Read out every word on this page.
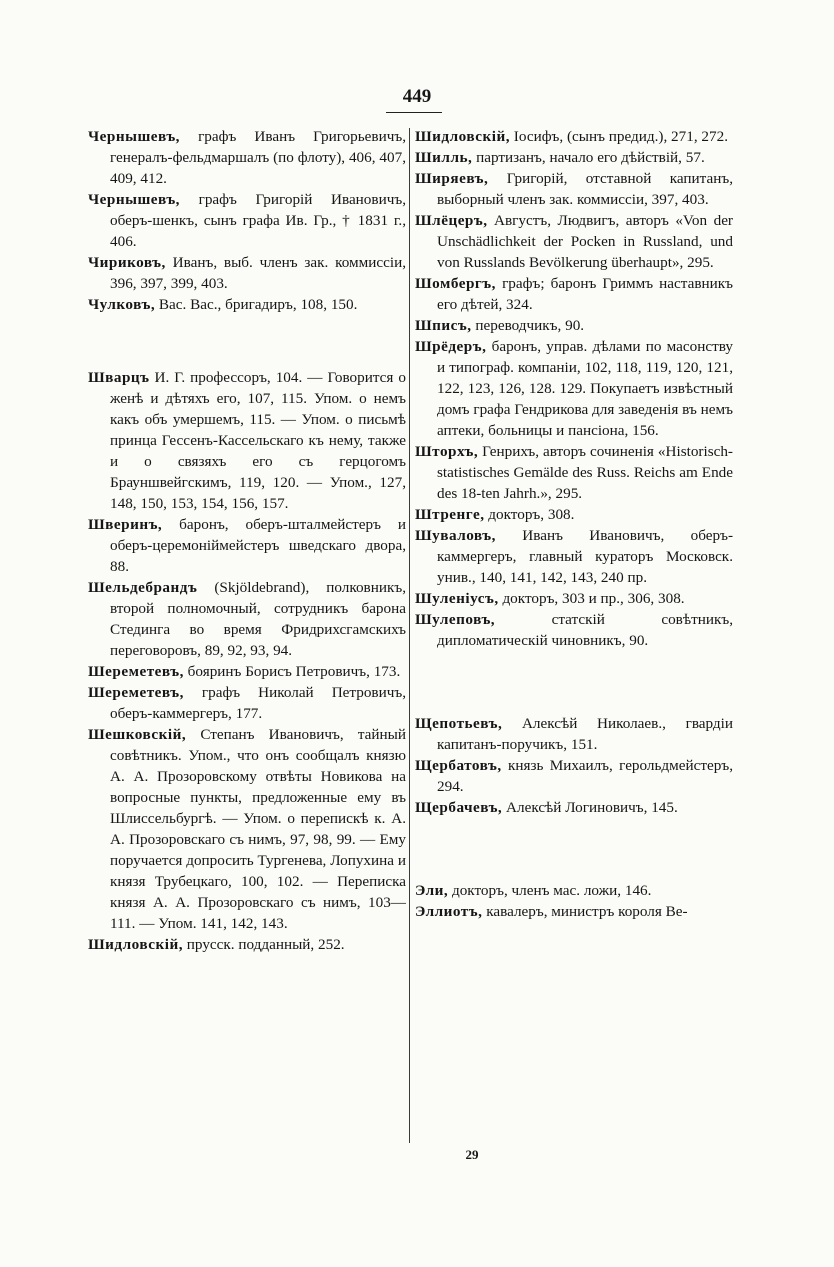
449
Чернышевъ, графъ Иванъ Григорьевичъ, генералъ-фельдмаршалъ (по флоту), 406, 407, 409, 412.
Чернышевъ, графъ Григорій Ивановичъ, оберъ-шенкъ, сынъ графа Ив. Гр., † 1831 г., 406.
Чириковъ, Иванъ, выб. членъ зак. коммиссіи, 396, 397, 399, 403.
Чулковъ, Вас. Вас., бригадиръ, 108, 150.
Шварцъ И. Г. профессоръ, 104. — Говорится о женѣ и дѣтяхъ его, 107, 115. Упом. о немъ какъ объ умершемъ, 115. — Упом. о письмѣ принца Гессенъ-Кассельскаго къ нему, также и о связяхъ его съ герцогомъ Брауншвейгскимъ, 119, 120. — Упом., 127, 148, 150, 153, 154, 156, 157.
Шверинъ, баронъ, оберъ-шталмейстеръ и оберъ-церемоніймейстеръ шведскаго двора, 88.
Шельдебрандъ (Skjöldebrand), полковникъ, второй полномочный, сотрудникъ барона Стединга во время Фридрихсгамскихъ переговоровъ, 89, 92, 93, 94.
Шереметевъ, бояринъ Борисъ Петровичъ, 173.
Шереметевъ, графъ Николай Петровичъ, оберъ-каммергеръ, 177.
Шешковскій, Степанъ Ивановичъ, тайный совѣтникъ. Упом., что онъ сообщалъ князю А. А. Прозоровскому отвѣты Новикова на вопросные пункты, предложенные ему въ Шлиссельбургѣ. — Упом. о перепискѣ к. А. А. Прозоровскаго съ нимъ, 97, 98, 99. — Ему поручается допросить Тургенева, Лопухина и князя Трубецкаго, 100, 102. — Переписка князя А. А. Прозоровскаго съ нимъ, 103—111. — Упом. 141, 142, 143.
Шидловскій, прусск. подданный, 252.
Шидловскій, Іосифъ, (сынъ предид.), 271, 272.
Шилль, партизанъ, начало его дѣйствій, 57.
Ширяевъ, Григорій, отставной капитанъ, выборный членъ зак. коммиссіи, 397, 403.
Шлёцеръ, Августъ, Людвигъ, авторъ «Von der Unschädlichkeit der Pocken in Russland, und von Russlands Bevölkerung überhaupt», 295.
Шомбергъ, графъ; баронъ Гриммъ наставникъ его дѣтей, 324.
Шписъ, переводчикъ, 90.
Шрёдеръ, баронъ, управ. дѣлами по масонству и типограф. компаніи, 102, 118, 119, 120, 121, 122, 123, 126, 128. 129. Покупаетъ извѣстный домъ графа Гендрикова для заведенія въ немъ аптеки, больницы и пансіона, 156.
Шторхъ, Генрихъ, авторъ сочиненія «Historisch-statistisches Gemälde des Russ. Reichs am Ende des 18-ten Jahrh.», 295.
Штренге, докторъ, 308.
Шуваловъ, Иванъ Ивановичъ, оберъ-каммергеръ, главный кураторъ Московск. унив., 140, 141, 142, 143, 240 пр.
Шуленіусъ, докторъ, 303 и пр., 306, 308.
Шулеповъ, статскій совѣтникъ, дипломатическій чиновникъ, 90.
Щепотьевъ, Алексѣй Николаев., гвардіи капитанъ-поручикъ, 151.
Щербатовъ, князь Михаилъ, герольдмейстеръ, 294.
Щербачевъ, Алексѣй Логиновичъ, 145.
Эли, докторъ, членъ мас. ложи, 146.
Эллиотъ, кавалеръ, министръ короля Ве-
29
